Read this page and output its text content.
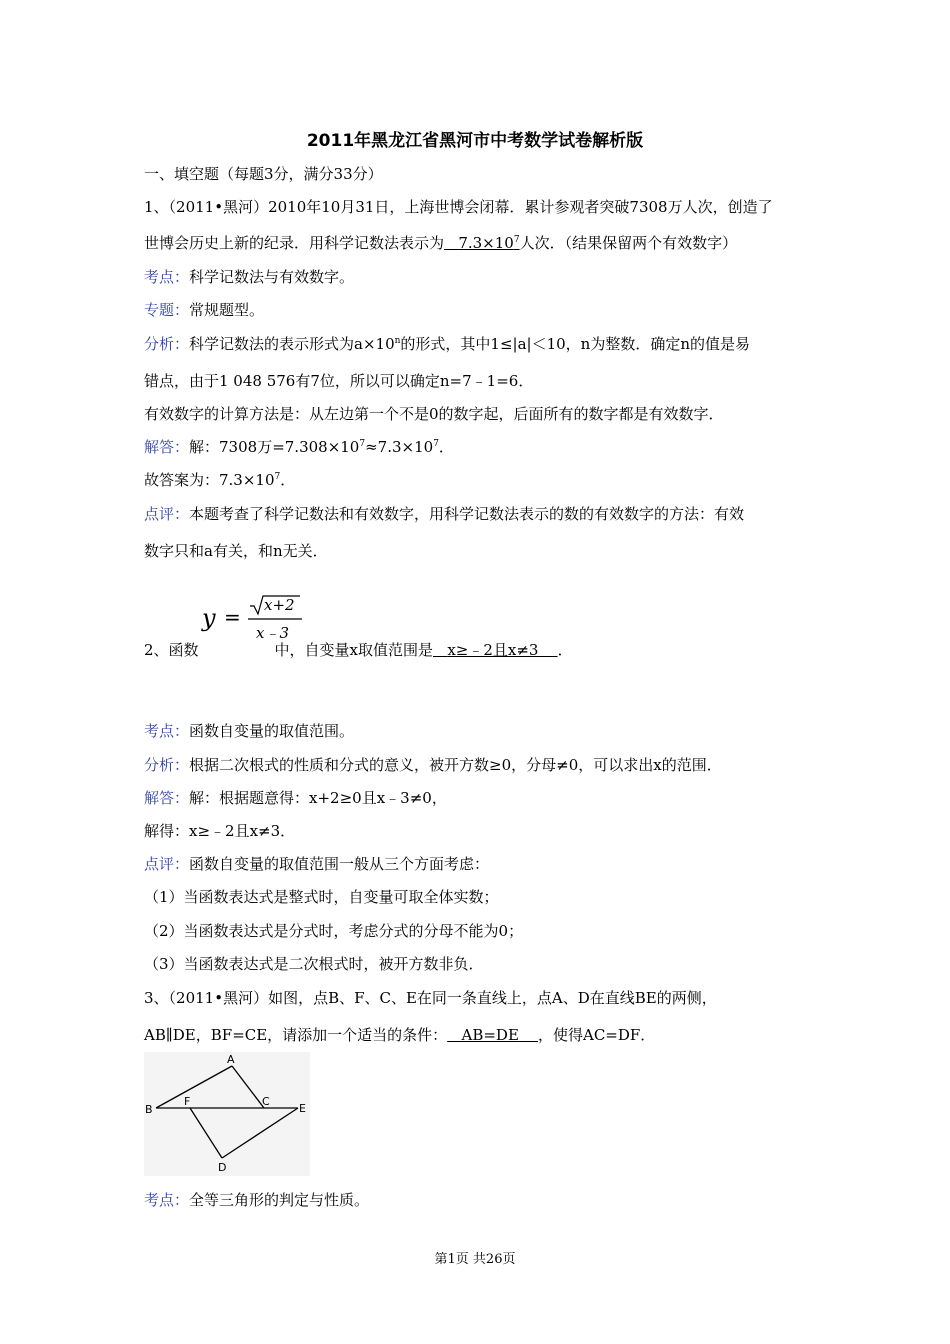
2011年黑龙江省黑河市中考数学试卷解析版
一、填空题（每题3分，满分33分）
1、（2011•黑河）2010年10月31日，上海世博会闭幕．累计参观者突破7308万人次，创造了
世博会历史上新的纪录．用科学记数法表示为 $7.3\times 10^7$人次．（结果保留两个有效数字）
考点：科学记数法与有效数字。
专题：常规题型。
分析：科学记数法的表示形式为$a\times 10^n$的形式，其中1≤|a|＜10，n为整数．确定n的值是易
错点，由于1 048 576有7位，所以可以确定n=7﹣1=6．
有效数字的计算方法是：从左边第一个不是0的数字起，后面所有的数字都是有效数字．
解答：解：7308万$=7.308\times 10^7\approx 7.3\times 10^7$．
故答案为：$7.3\times 10^7$．
点评：本题考查了科学记数法和有效数字，用科学记数法表示的数的有效数字的方法：有效
数字只和a有关，和n无关．
y = x+2
x﹣3
2、函数	中，自变量x取值范围是 x≥﹣2且x≠3 ．
考点：函数自变量的取值范围。
分析：根据二次根式的性质和分式的意义，被开方数≥0，分母≠0，可以求出x的范围．
解答：解：根据题意得：x+2≥0且x﹣3≠0，
解得：x≥﹣2且x≠3．
点评：函数自变量的取值范围一般从三个方面考虑：
（1）当函数表达式是整式时，自变量可取全体实数；
（2）当函数表达式是分式时，考虑分式的分母不能为0；
（3）当函数表达式是二次根式时，被开方数非负．
3、（2011•黑河）如图，点B、F、C、E在同一条直线上，点A、D在直线BE的两侧，
AB∥DE，BF=CE，请添加一个适当的条件： AB=DE ，使得AC=DF．
A
B
F	C
E
D
考点：全等三角形的判定与性质。
第1页 共26页
